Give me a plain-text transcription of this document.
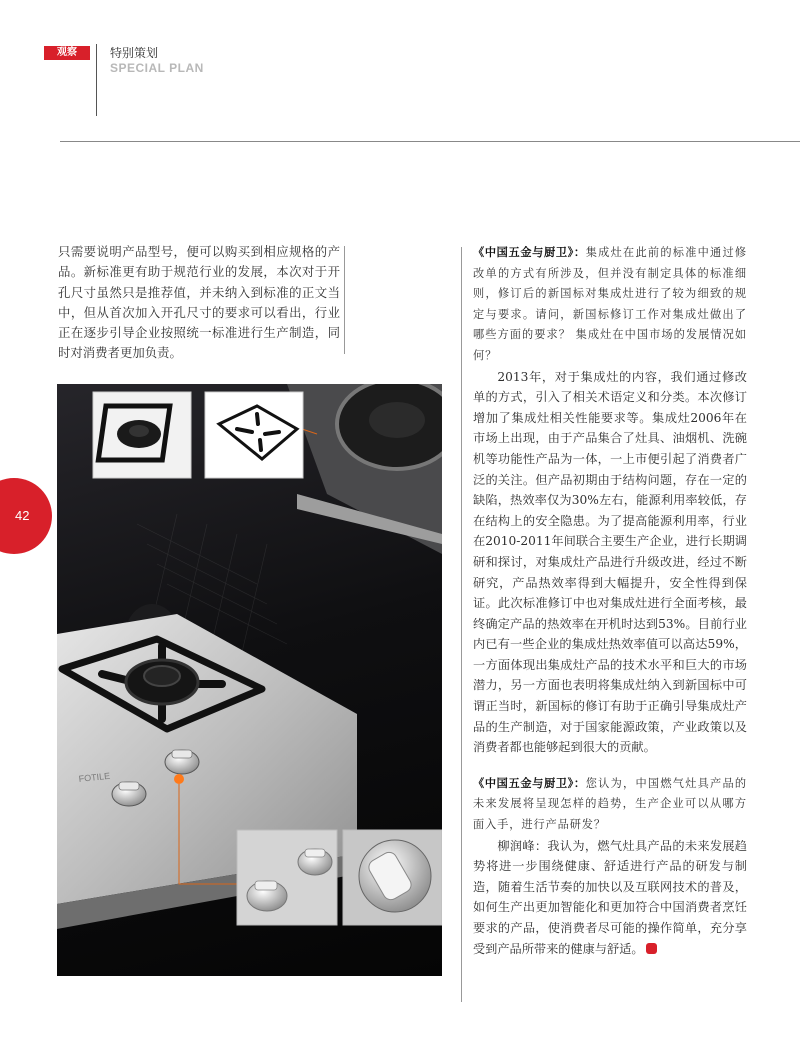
观察	特别策划
SPECIAL PLAN
42
只需要说明产品型号，便可以购买到相应规格的产品。新标准更有助于规范行业的发展，本次对于开孔尺寸虽然只是推荐值，并未纳入到标准的正文当中，但从首次加入开孔尺寸的要求可以看出，行业正在逐步引导企业按照统一标准进行生产制造，同时对消费者更加负责。
FOTILE

《中国五金与厨卫》：集成灶在此前的标准中通过修改单的方式有所涉及，但并没有制定具体的标准细则，修订后的新国标对集成灶进行了较为细致的规定与要求。请问，新国标修订工作对集成灶做出了哪些方面的要求？ 集成灶在中国市场的发展情况如何？

2013年，对于集成灶的内容，我们通过修改单的方式，引入了相关术语定义和分类。本次修订增加了集成灶相关性能要求等。集成灶2006年在市场上出现，由于产品集合了灶具、油烟机、洗碗机等功能性产品为一体，一上市便引起了消费者广泛的关注。但产品初期由于结构问题，存在一定的缺陷，热效率仅为30%左右，能源利用率较低，存在结构上的安全隐患。为了提高能源利用率，行业在2010-2011年间联合主要生产企业，进行长期调研和探讨，对集成灶产品进行升级改进，经过不断研究，产品热效率得到大幅提升，安全性得到保证。此次标准修订中也对集成灶进行全面考核，最终确定产品的热效率在开机时达到53%。目前行业内已有一些企业的集成灶热效率值可以高达59%，一方面体现出集成灶产品的技术水平和巨大的市场潜力，另一方面也表明将集成灶纳入到新国标中可谓正当时，新国标的修订有助于正确引导集成灶产品的生产制造，对于国家能源政策，产业政策以及消费者都也能够起到很大的贡献。

《中国五金与厨卫》：您认为，中国燃气灶具产品的未来发展将呈现怎样的趋势，生产企业可以从哪方面入手，进行产品研发？

柳润峰：我认为，燃气灶具产品的未来发展趋势将进一步围绕健康、舒适进行产品的研发与制造，随着生活节奏的加快以及互联网技术的普及，如何生产出更加智能化和更加符合中国消费者烹饪要求的产品，使消费者尽可能的操作简单，充分享受到产品所带来的健康与舒适。
